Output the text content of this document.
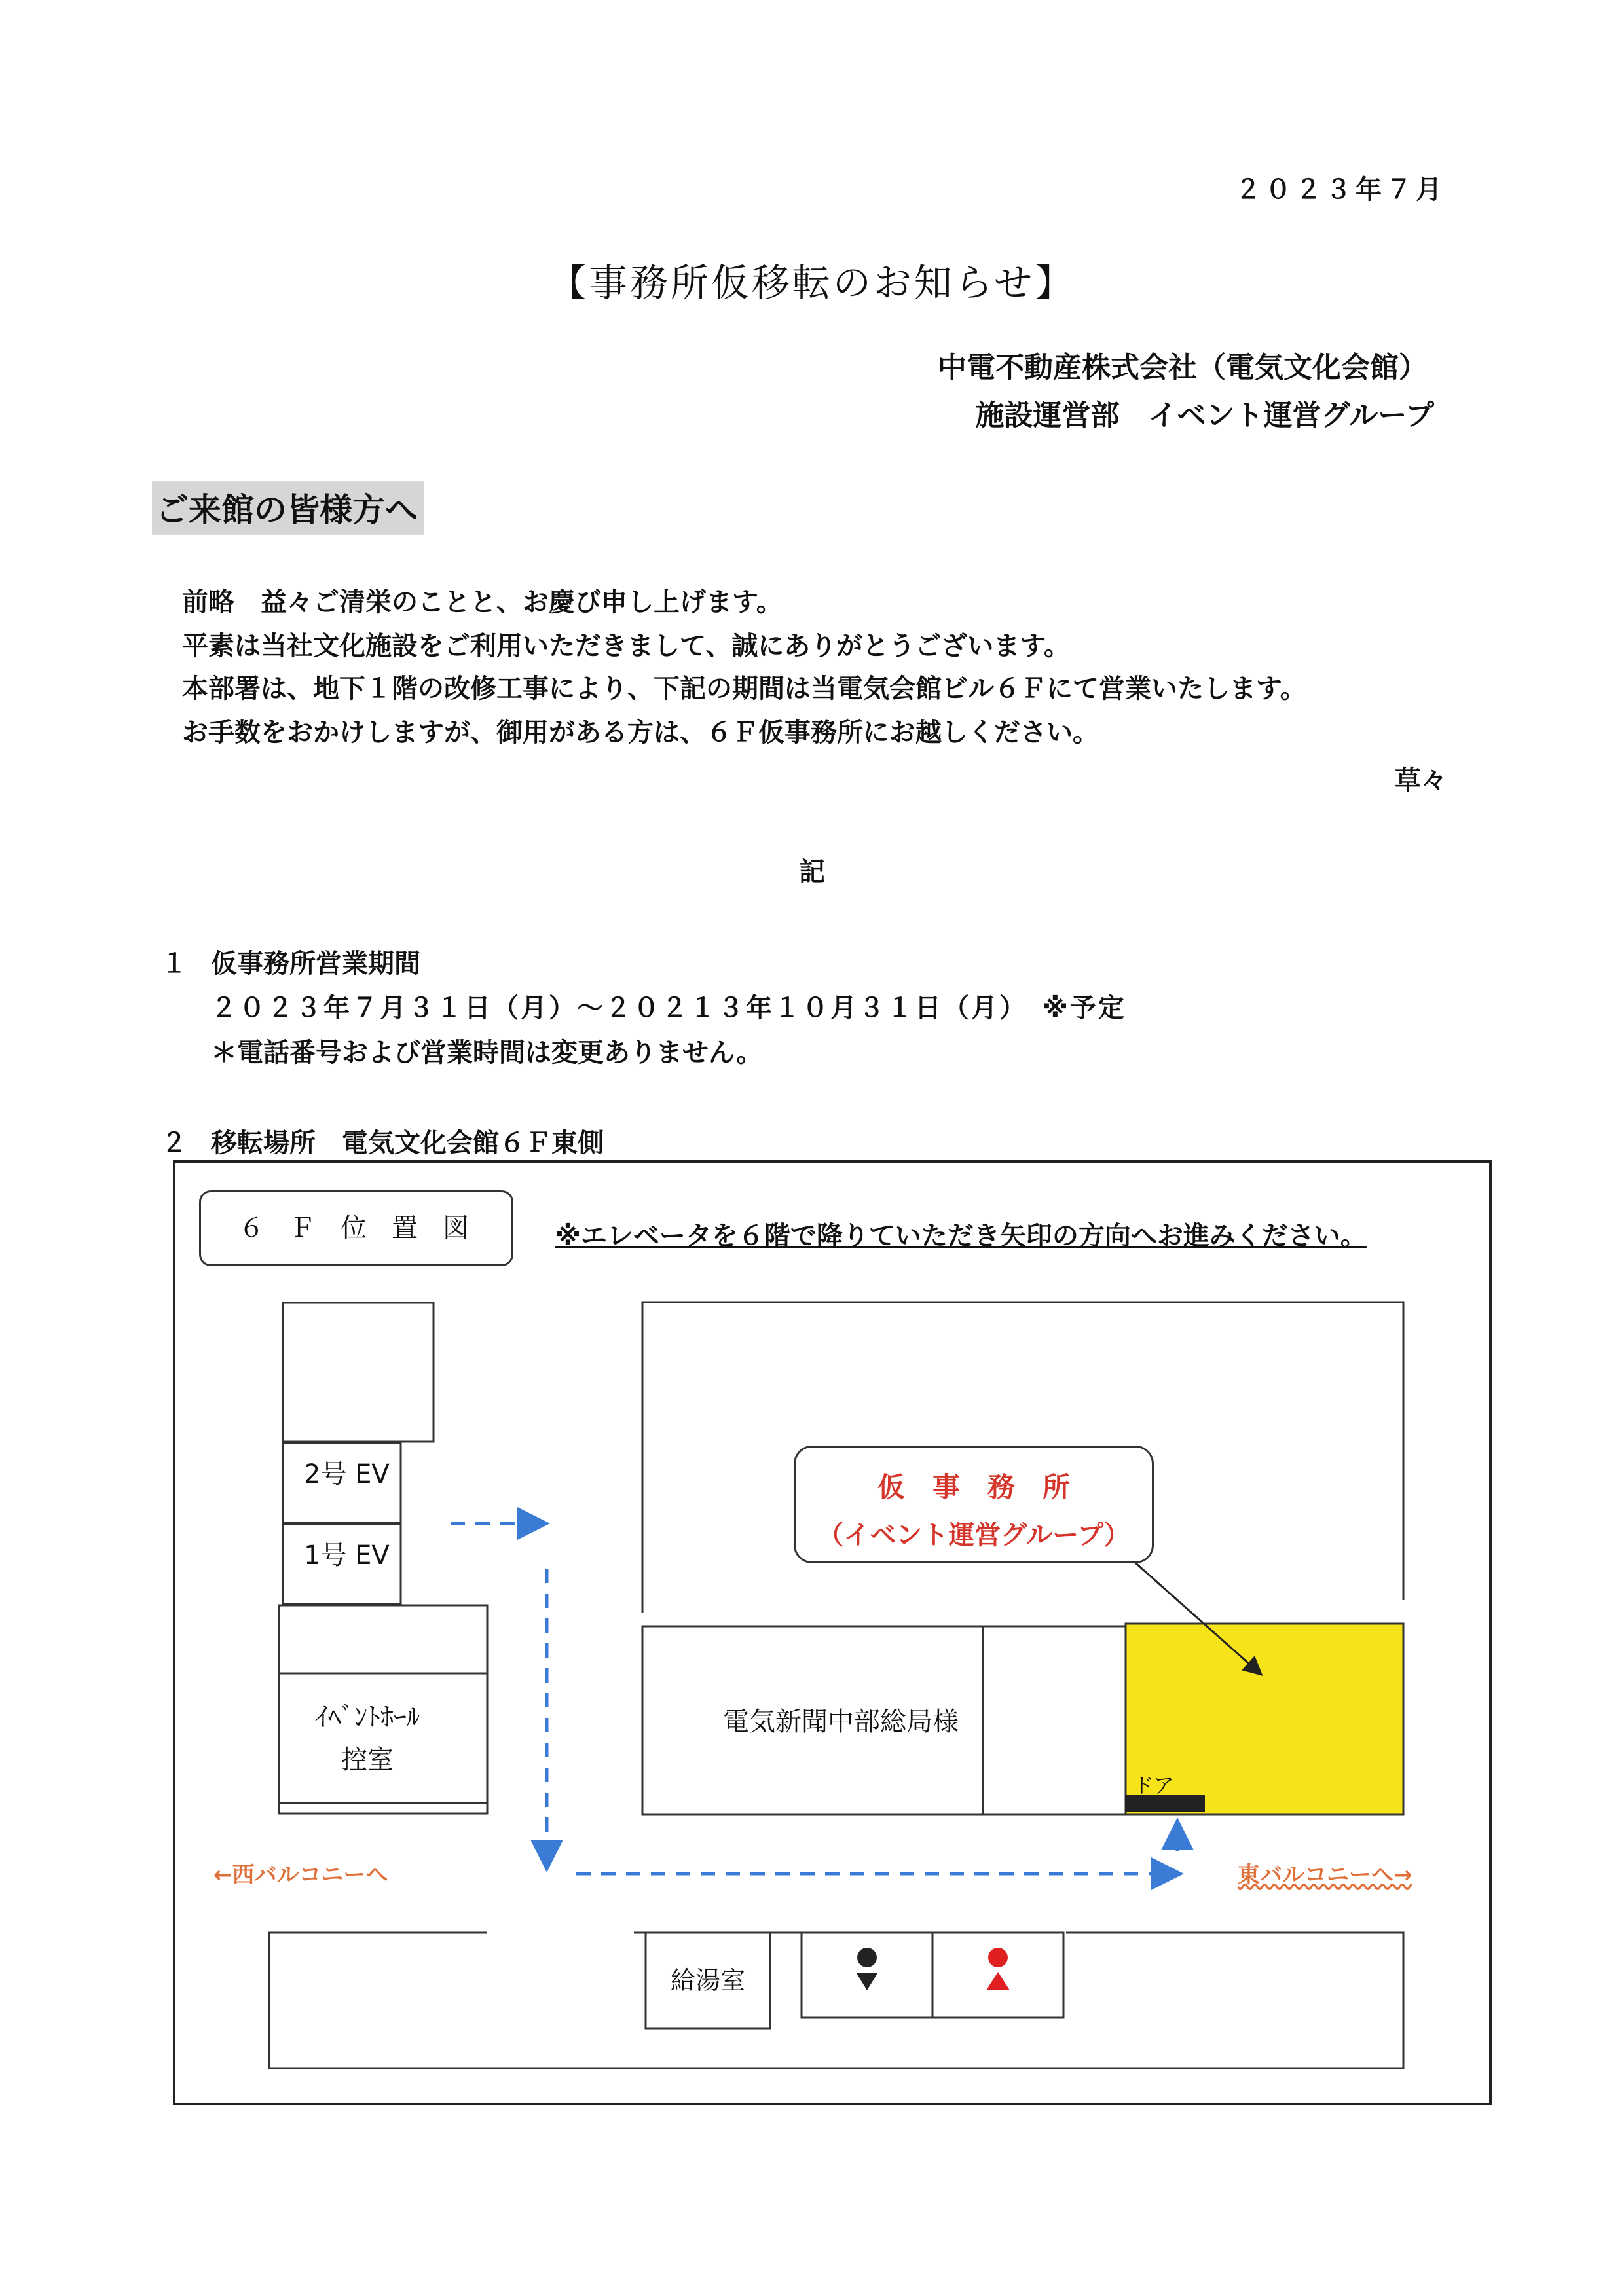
２０２３年７月
【事務所仮移転のお知らせ】
中電不動産株式会社（電気文化会館）
施設運営部　イベント運営グループ
ご来館の皆様方へ
前略　益々ご清栄のことと、お慶び申し上げます。
平素は当社文化施設をご利用いただきまして、誠にありがとうございます。
本部署は、地下１階の改修工事により、下記の期間は当電気会館ビル６Ｆにて営業いたします。
お手数をおかけしますが、御用がある方は、６Ｆ仮事務所にお越しください。
草々
記
１ 仮事務所営業期間
２０２３年７月３１日（月）～２０２１３年１０月３１日（月）　※予定
＊電話番号および営業時間は変更ありません。
２ 移転場所　電気文化会館６Ｆ東側
６Ｆ位置図	※エレベータを６階で降りていただき矢印の方向へお進みください。
仮事務所
（イベント運営グループ）
2号 EV
1号 EV
ｲﾍﾞﾝﾄﾎｰﾙ
控室
電気新聞中部総局様
ドア
←西バルコニーへ	東バルコニーへ→
給湯室
